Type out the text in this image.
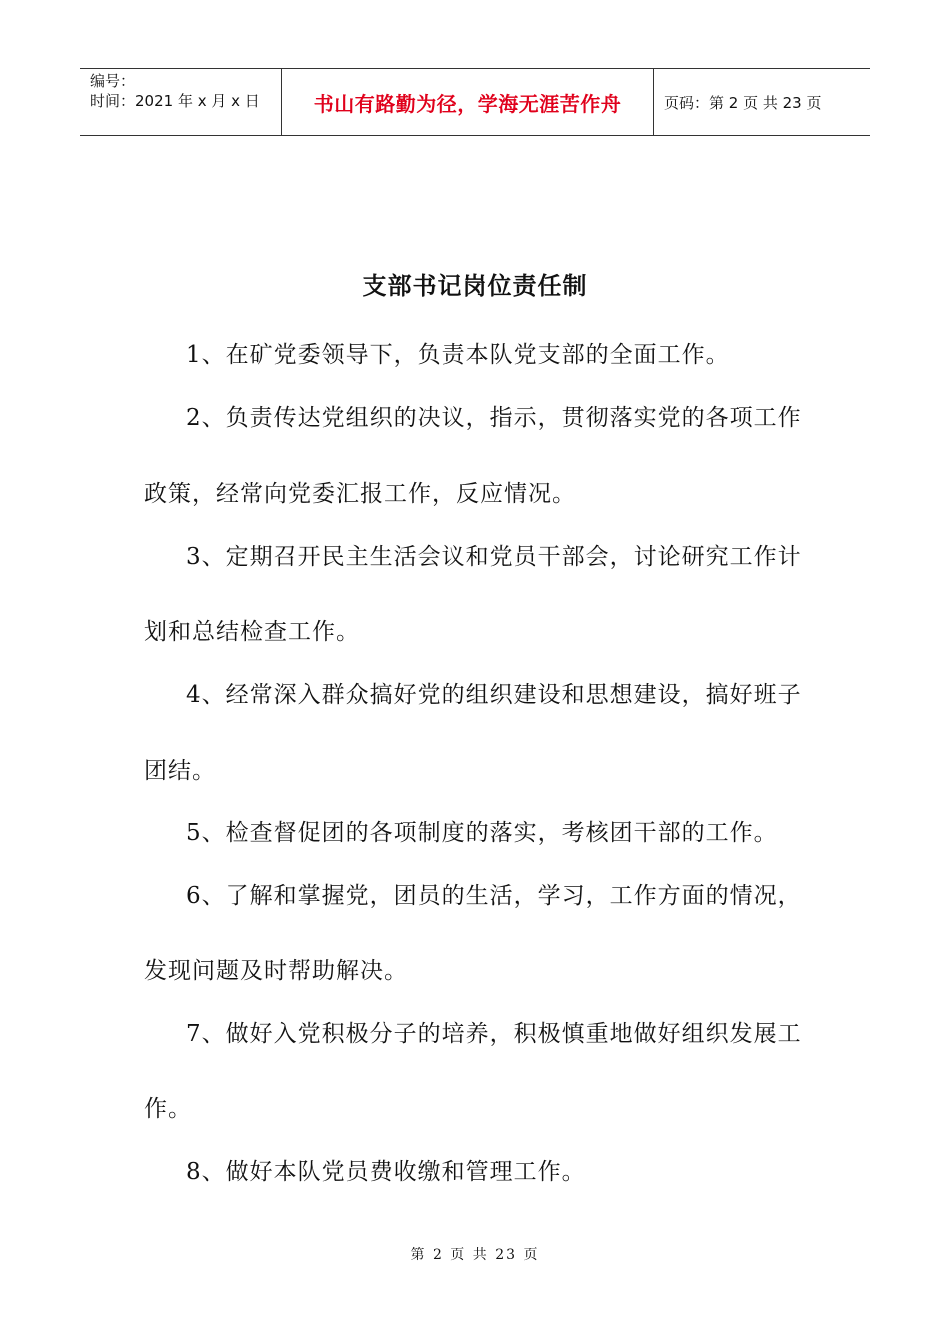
编号：
时间：2021 年 x 月 x 日	书山有路勤为径，学海无涯苦作舟	页码：第 2 页 共 23 页
支部书记岗位责任制
1、在矿党委领导下，负责本队党支部的全面工作。
2、负责传达党组织的决议，指示，贯彻落实党的各项工作
政策，经常向党委汇报工作，反应情况。
3、定期召开民主生活会议和党员干部会，讨论研究工作计
划和总结检查工作。
4、经常深入群众搞好党的组织建设和思想建设，搞好班子
团结。
5、检查督促团的各项制度的落实，考核团干部的工作。
6、了解和掌握党，团员的生活，学习，工作方面的情况，
发现问题及时帮助解决。
7、做好入党积极分子的培养，积极慎重地做好组织发展工
作。
8、做好本队党员费收缴和管理工作。
第 2 页 共 23 页
